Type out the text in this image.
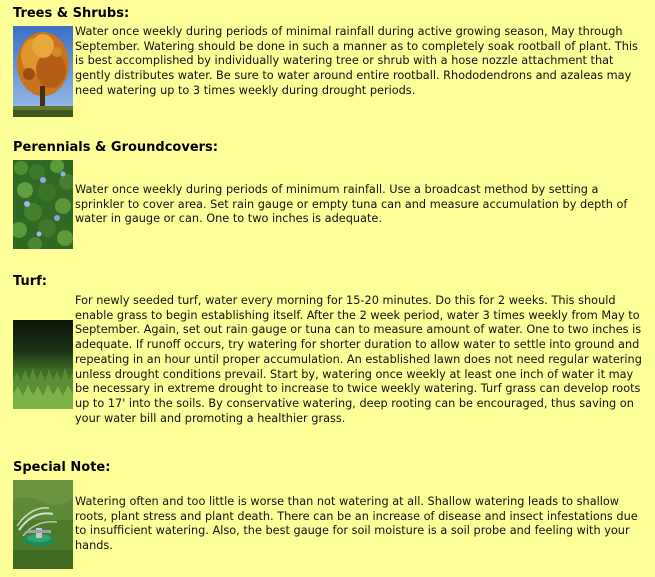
Trees & Shrubs:

Water once weekly during periods of minimal rainfall during active growing season, May through September. Watering should be done in such a manner as to completely soak rootball of plant. This is best accomplished by individually watering tree or shrub with a hose nozzle attachment that gently distributes water. Be sure to water around entire rootball. Rhododendrons and azaleas may need watering up to 3 times weekly during drought periods.

Perennials & Groundcovers:

Water once weekly during periods of minimum rainfall. Use a broadcast method by setting a sprinkler to cover area. Set rain gauge or empty tuna can and measure accumulation by depth of water in gauge or can. One to two inches is adequate.

Turf:

For newly seeded turf, water every morning for 15-20 minutes. Do this for 2 weeks. This should enable grass to begin establishing itself. After the 2 week period, water 3 times weekly from May to September. Again, set out rain gauge or tuna can to measure amount of water. One to two inches is adequate. If runoff occurs, try watering for shorter duration to allow water to settle into ground and repeating in an hour until proper accumulation. An established lawn does not need regular watering unless drought conditions prevail. Start by, watering once weekly at least one inch of water it may be necessary in extreme drought to increase to twice weekly watering. Turf grass can develop roots up to 17' into the soils. By conservative watering, deep rooting can be encouraged, thus saving on your water bill and promoting a healthier grass.

Special Note:

Watering often and too little is worse than not watering at all. Shallow watering leads to shallow roots, plant stress and plant death. There can be an increase of disease and insect infestations due to insufficient watering. Also, the best gauge for soil moisture is a soil probe and feeling with your hands.
